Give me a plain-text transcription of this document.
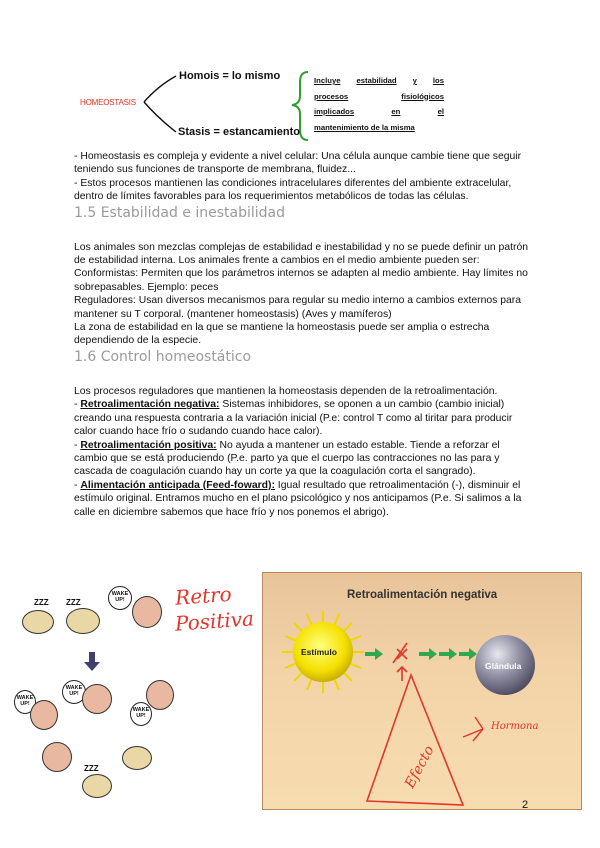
HOMEOSTASIS
Homois = lo mismo
Stasis = estancamiento
Incluye estabilidad y los
procesos	fisiológicos
implicados	en	el
mantenimiento de la misma

- Homeostasis es compleja y evidente a nivel celular: Una célula aunque cambie tiene que seguir teniendo sus funciones de transporte de membrana, fluidez...

- Estos procesos mantienen las condiciones intracelulares diferentes del ambiente extracelular, dentro de límites favorables para los requerimientos metabólicos de todas las células.

1.5 Estabilidad e inestabilidad

Los animales son mezclas complejas de estabilidad e inestabilidad y no se puede definir un patrón de estabilidad interna. Los animales frente a cambios en el medio ambiente pueden ser:

Conformistas: Permiten que los parámetros internos se adapten al medio ambiente. Hay límites no sobrepasables. Ejemplo: peces

Reguladores: Usan diversos mecanismos para regular su medio interno a cambios externos para mantener su T corporal. (mantener homeostasis) (Aves y mamíferos)

La zona de estabilidad en la que se mantiene la homeostasis puede ser amplia o estrecha dependiendo de la especie.

1.6 Control homeostático

Los procesos reguladores que mantienen la homeostasis dependen de la retroalimentación.

- Retroalimentación negativa: Sistemas inhibidores, se oponen a un cambio (cambio inicial) creando una respuesta contraria a la variación inicial (P.e: control T como al tiritar para producir calor cuando hace frío o sudando cuando hace calor).

- Retroalimentación positiva: No ayuda a mantener un estado estable. Tiende a reforzar el cambio que se está produciendo (P.e. parto ya que el cuerpo las contracciones no las para y cascada de coagulación cuando hay un corte ya que la coagulación corta el sangrado).

- Alimentación anticipada (Feed-foward): Igual resultado que retroalimentación (-), disminuir el estímulo original. Entramos mucho en el plano psicológico y nos anticipamos (P.e. Si salimos a la calle en diciembre sabemos que hace frío y nos ponemos el abrigo).

Retro
Positiva
ZZZ ZZZ
WAKE UP!
WAKE UP!
WAKE UP!
WAKE UP!
ZZZ
Retroalimentación negativa
Estímulo
Glándula
Efecto
Hormona
2
